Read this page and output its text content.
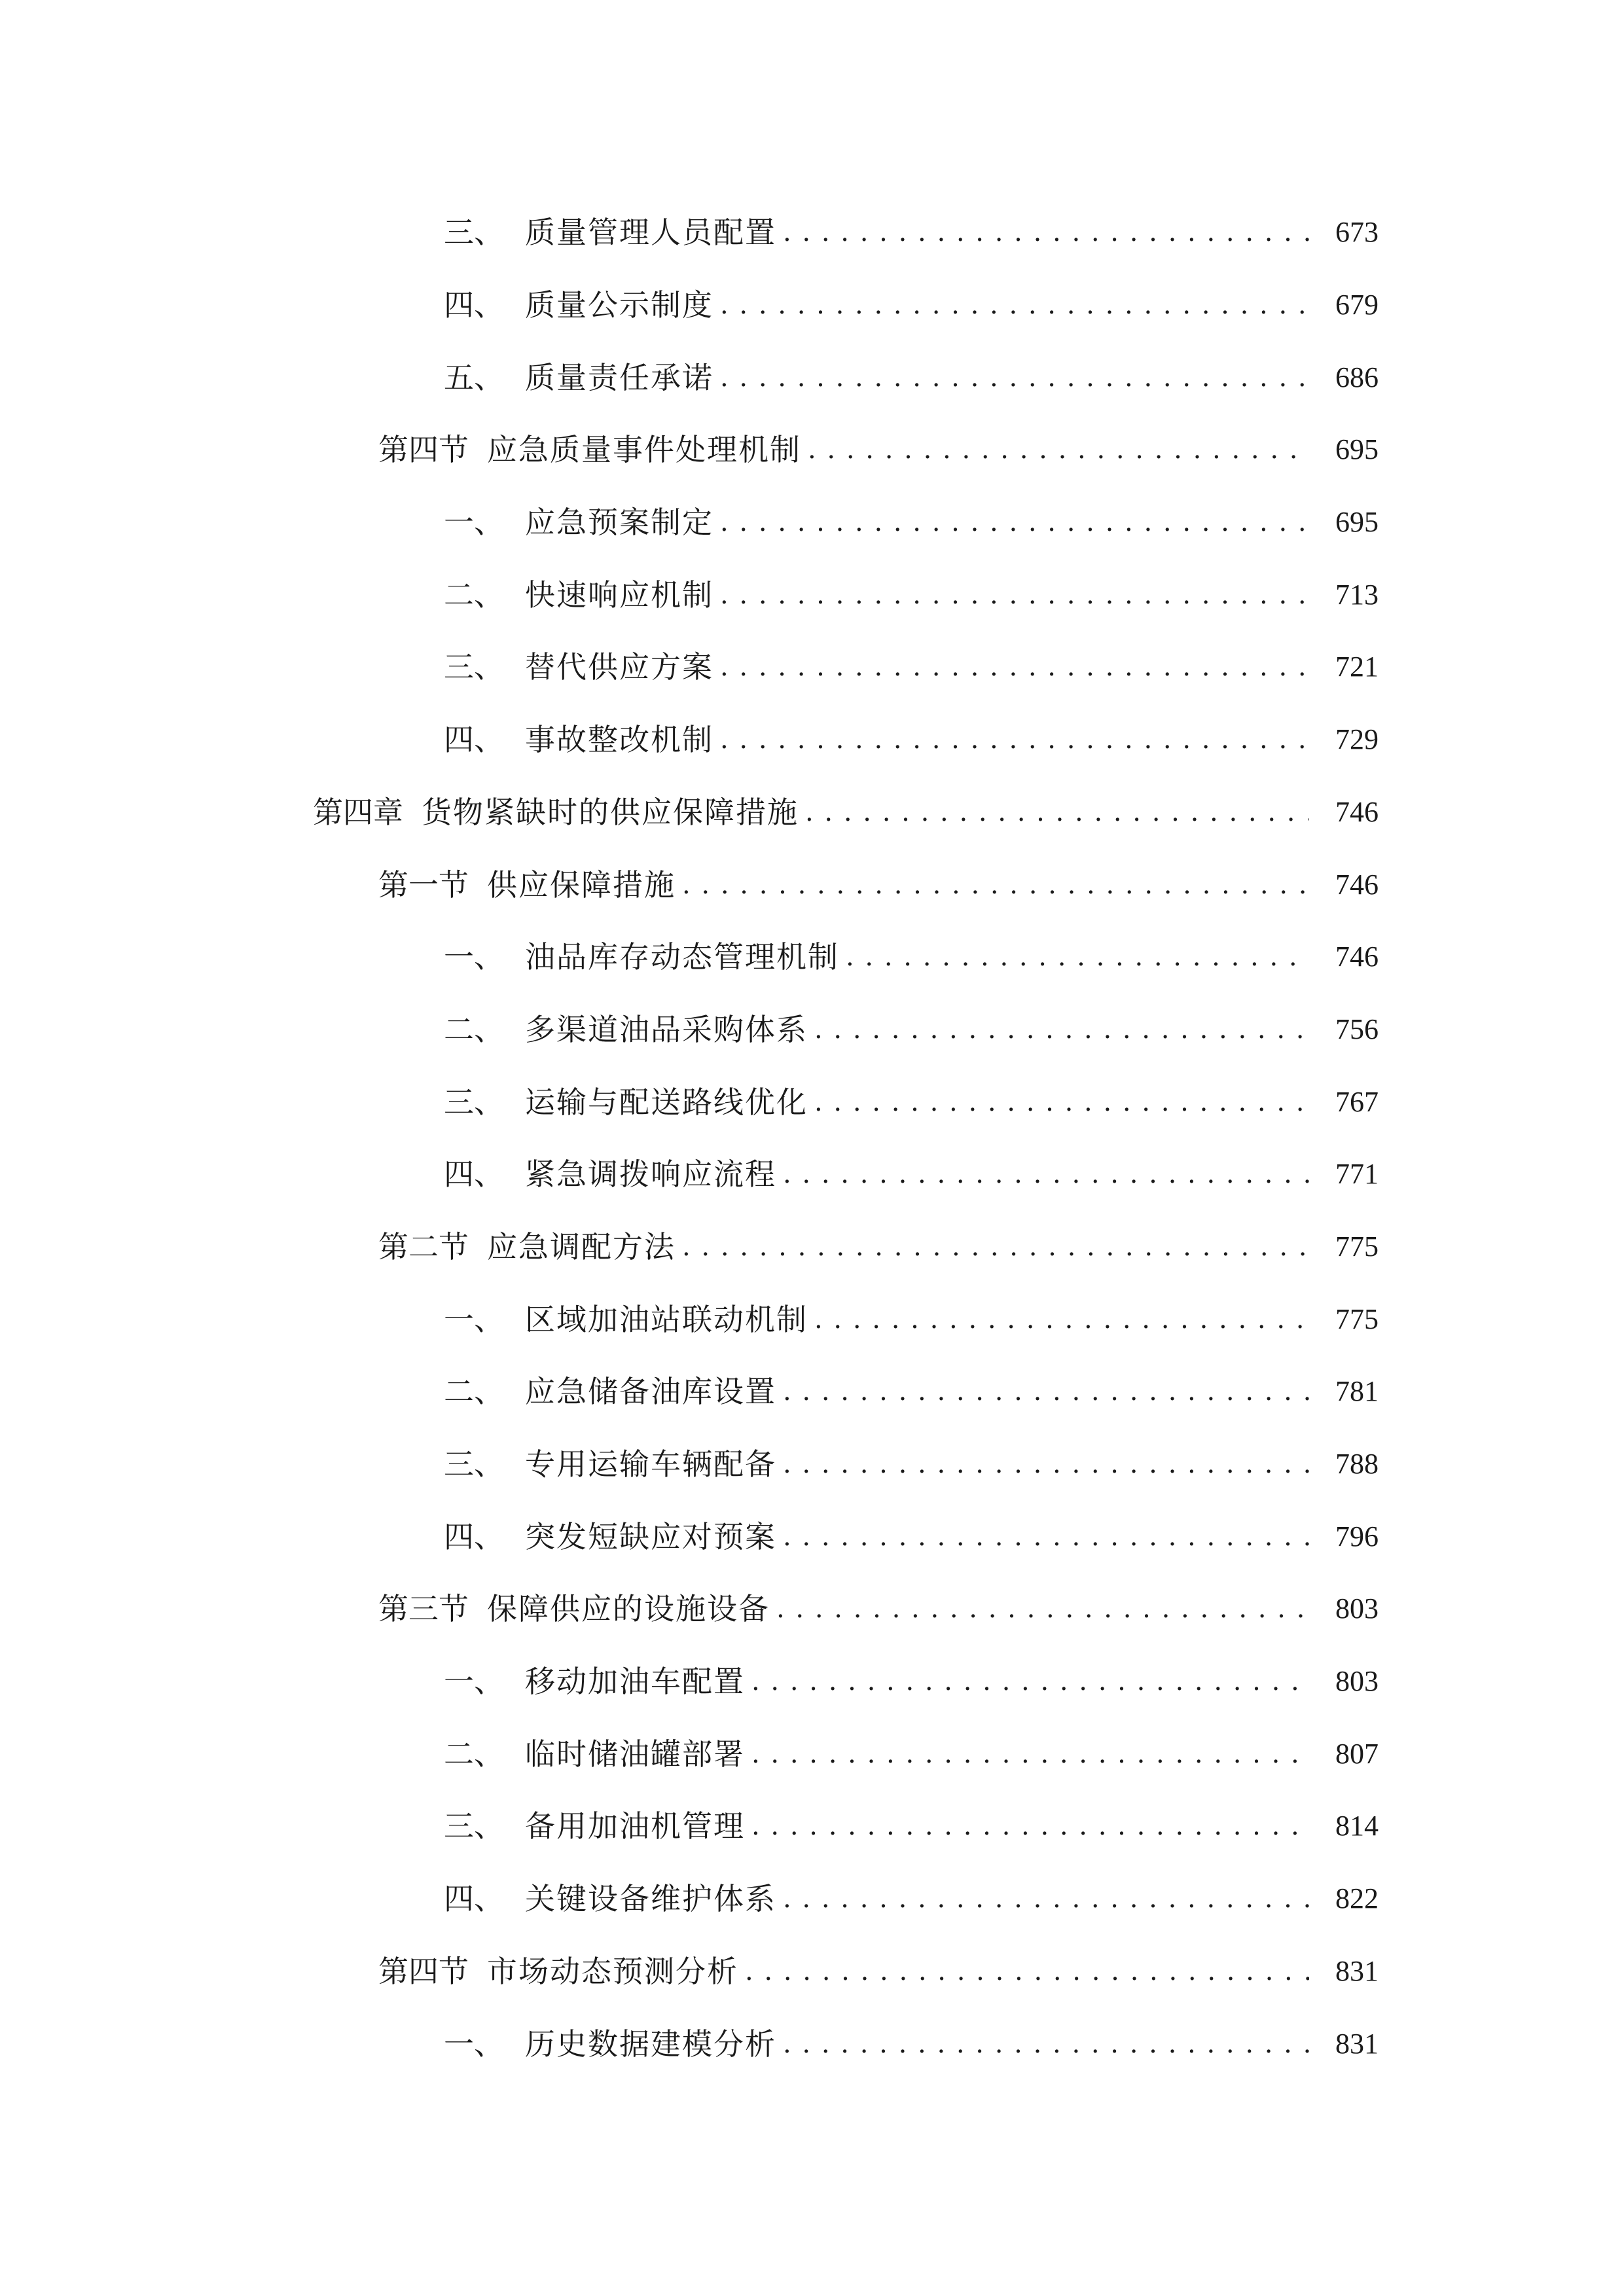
三、 质量管理人员配置 . . .	673
四、 质量公示制度 . . .	679
五、 质量责任承诺 . . .	686
第四节 应急质量事件处理机制 . . .	695
一、 应急预案制定 . . .	695
二、 快速响应机制 . . .	713
三、 替代供应方案 . . .	721
四、 事故整改机制 . . .	729
第四章 货物紧缺时的供应保障措施 . . .	746
第一节 供应保障措施 . . .	746
一、 油品库存动态管理机制 . . .	746
二、 多渠道油品采购体系 . . .	756
三、 运输与配送路线优化 . . .	767
四、 紧急调拨响应流程 . . .	771
第二节 应急调配方法 . . .	775
一、 区域加油站联动机制 . . .	775
二、 应急储备油库设置 . . .	781
三、 专用运输车辆配备 . . .	788
四、 突发短缺应对预案 . . .	796
第三节 保障供应的设施设备 . . .	803
一、 移动加油车配置 . . .	803
二、 临时储油罐部署 . . .	807
三、 备用加油机管理 . . .	814
四、 关键设备维护体系 . . .	822
第四节 市场动态预测分析 . . .	831
一、 历史数据建模分析 . . .	831
